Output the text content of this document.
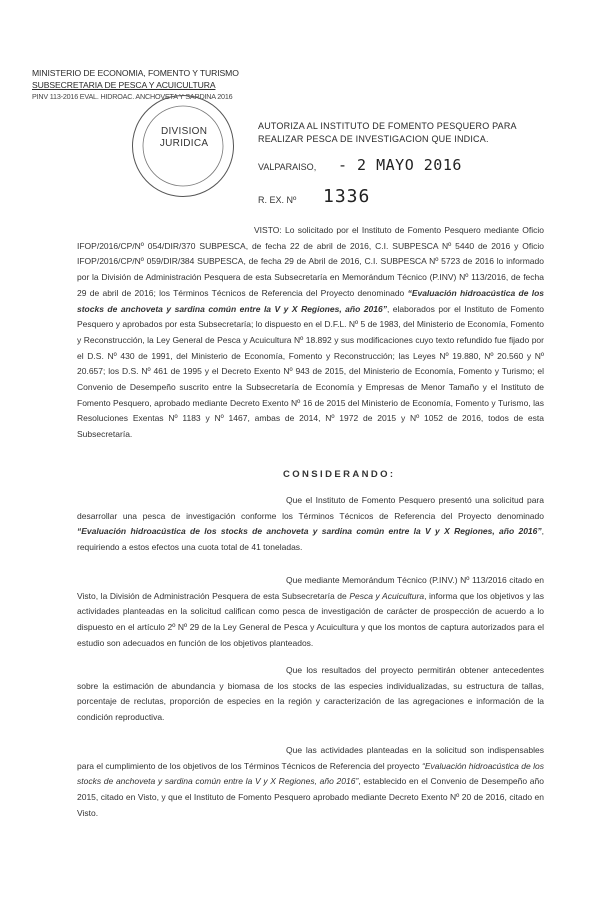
MINISTERIO DE ECONOMIA, FOMENTO Y TURISMO
SUBSECRETARIA DE PESCA Y ACUICULTURA
PINV 113-2016 EVAL. HIDROAC. ANCHOVETA Y SARDINA 2016
DIVISION
JURIDICA
AUTORIZA AL INSTITUTO DE FOMENTO PESQUERO PARA REALIZAR PESCA DE INVESTIGACION QUE INDICA.
VALPARAISO, - 2 MAYO 2016
R. EX. Nº 1336
VISTO: Lo solicitado por el Instituto de Fomento Pesquero mediante Oficio IFOP/2016/CP/Nº 054/DIR/370 SUBPESCA, de fecha 22 de abril de 2016, C.I. SUBPESCA Nº 5440 de 2016 y Oficio IFOP/2016/CP/Nº 059/DIR/384 SUBPESCA, de fecha 29 de Abril de 2016, C.I. SUBPESCA Nº 5723 de 2016 lo informado por la División de Administración Pesquera de esta Subsecretaría en Memorándum Técnico (P.INV) Nº 113/2016, de fecha 29 de abril de 2016; los Términos Técnicos de Referencia del Proyecto denominado “Evaluación hidroacústica de los stocks de anchoveta y sardina común entre la V y X Regiones, año 2016”, elaborados por el Instituto de Fomento Pesquero y aprobados por esta Subsecretaría; lo dispuesto en el D.F.L. Nº 5 de 1983, del Ministerio de Economía, Fomento y Reconstrucción, la Ley General de Pesca y Acuicultura Nº 18.892 y sus modificaciones cuyo texto refundido fue fijado por el D.S. Nº 430 de 1991, del Ministerio de Economía, Fomento y Reconstrucción; las Leyes Nº 19.880, Nº 20.560 y Nº 20.657; los D.S. Nº 461 de 1995 y el Decreto Exento Nº 943 de 2015, del Ministerio de Economía, Fomento y Turismo; el Convenio de Desempeño suscrito entre la Subsecretaría de Economía y Empresas de Menor Tamaño y el Instituto de Fomento Pesquero, aprobado mediante Decreto Exento Nº 16 de 2015 del Ministerio de Economía, Fomento y Turismo, las Resoluciones Exentas Nº 1183 y Nº 1467, ambas de 2014, Nº 1972 de 2015 y Nº 1052 de 2016, todos de esta Subsecretaría.
CONSIDERANDO:
Que el Instituto de Fomento Pesquero presentó una solicitud para desarrollar una pesca de investigación conforme los Términos Técnicos de Referencia del Proyecto denominado “Evaluación hidroacústica de los stocks de anchoveta y sardina común entre la V y X Regiones, año 2016”, requiriendo a estos efectos una cuota total de 41 toneladas.
Que mediante Memorándum Técnico (P.INV.) Nº 113/2016 citado en Visto, la División de Administración Pesquera de esta Subsecretaría de Pesca y Acuicultura, informa que los objetivos y las actividades planteadas en la solicitud califican como pesca de investigación de carácter de prospección de acuerdo a lo dispuesto en el artículo 2º Nº 29 de la Ley General de Pesca y Acuicultura y que los montos de captura autorizados para el estudio son adecuados en función de los objetivos planteados.
Que los resultados del proyecto permitirán obtener antecedentes sobre la estimación de abundancia y biomasa de los stocks de las especies individualizadas, su estructura de tallas, porcentaje de reclutas, proporción de especies en la región y caracterización de las agregaciones e información de la condición reproductiva.
Que las actividades planteadas en la solicitud son indispensables para el cumplimiento de los objetivos de los Términos Técnicos de Referencia del proyecto “Evaluación hidroacústica de los stocks de anchoveta y sardina común entre la V y X Regiones, año 2016”, establecido en el Convenio de Desempeño año 2015, citado en Visto, y que el Instituto de Fomento Pesquero aprobado mediante Decreto Exento Nº 20 de 2016, citado en Visto.
